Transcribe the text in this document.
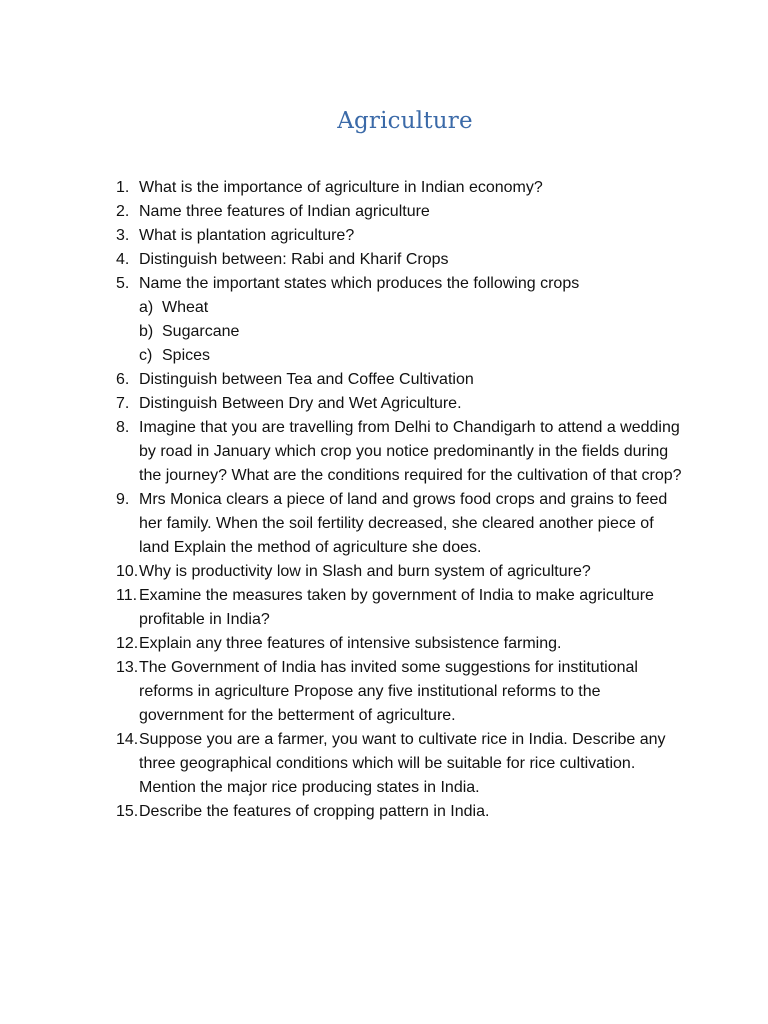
Agriculture
1. What is the importance of agriculture in Indian economy?
2. Name three features of Indian agriculture
3. What is plantation agriculture?
4. Distinguish between: Rabi and Kharif Crops
5. Name the important states which produces the following crops
a) Wheat
b) Sugarcane
c) Spices
6. Distinguish between Tea and Coffee Cultivation
7. Distinguish Between Dry and Wet Agriculture.
8. Imagine that you are travelling from Delhi to Chandigarh to attend a wedding by road in January which crop you notice predominantly in the fields during the journey? What are the conditions required for the cultivation of that crop?
9. Mrs Monica clears a piece of land and grows food crops and grains to feed her family. When the soil fertility decreased, she cleared another piece of land Explain the method of agriculture she does.
10. Why is productivity low in Slash and burn system of agriculture?
11. Examine the measures taken by government of India to make agriculture profitable in India?
12. Explain any three features of intensive subsistence farming.
13. The Government of India has invited some suggestions for institutional reforms in agriculture Propose any five institutional reforms to the government for the betterment of agriculture.
14. Suppose you are a farmer, you want to cultivate rice in India. Describe any three geographical conditions which will be suitable for rice cultivation. Mention the major rice producing states in India.
15. Describe the features of cropping pattern in India.
